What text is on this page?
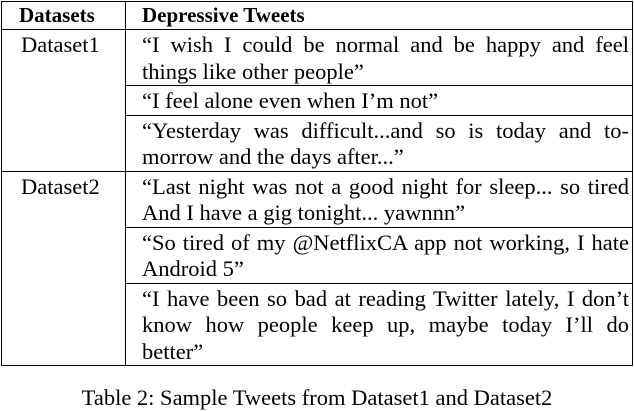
Datasets	Depressive Tweets
Dataset1	“I wish I could be normal and be happy and feel things like other people”
	“I feel alone even when I’m not”
	“Yesterday was difficult...and so is today and to-morrow and the days after...”
Dataset2	“Last night was not a good night for sleep... so tired And I have a gig tonight... yawnnn”
	“So tired of my @NetflixCA app not working, I hate Android 5”
	“I have been so bad at reading Twitter lately, I don’t know how people keep up, maybe today I’ll do better”
Table 2: Sample Tweets from Dataset1 and Dataset2
